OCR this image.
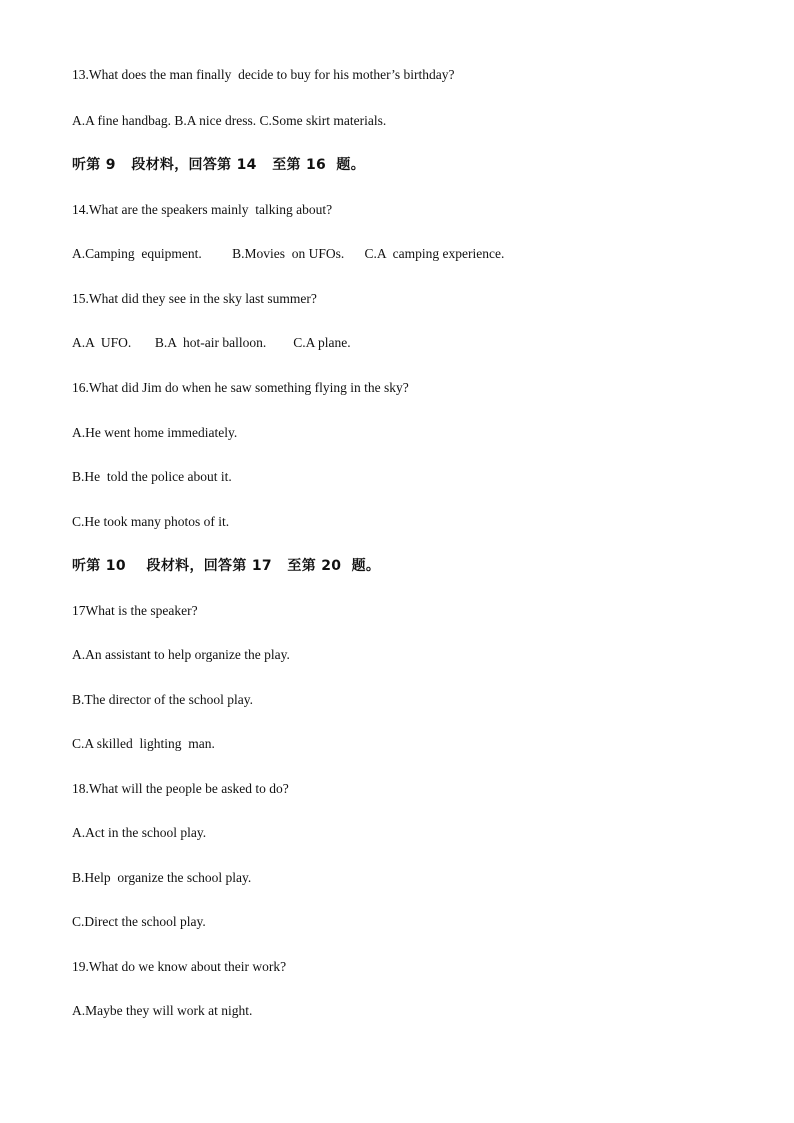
13.What does the man finally  decide to buy for his mother’s birthday?
A.A fine handbag. B.A nice dress. C.Some skirt materials.
听第 9   段材料，回答第 14   至第 16  题。
14.What are the speakers mainly  talking about?
A.Camping  equipment.         B.Movies  on UFOs.      C.A  camping experience.
15.What did they see in the sky last summer?
A.A  UFO.       B.A  hot-air balloon.        C.A plane.
16.What did Jim do when he saw something flying in the sky?
A.He went home immediately.
B.He  told the police about it.
C.He took many photos of it.
听第 10    段材料，回答第 17   至第 20  题。
17What is the speaker?
A.An assistant to help organize the play.
B.The director of the school play.
C.A skilled  lighting  man.
18.What will the people be asked to do?
A.Act in the school play.
B.Help  organize the school play.
C.Direct the school play.
19.What do we know about their work?
A.Maybe they will work at night.
